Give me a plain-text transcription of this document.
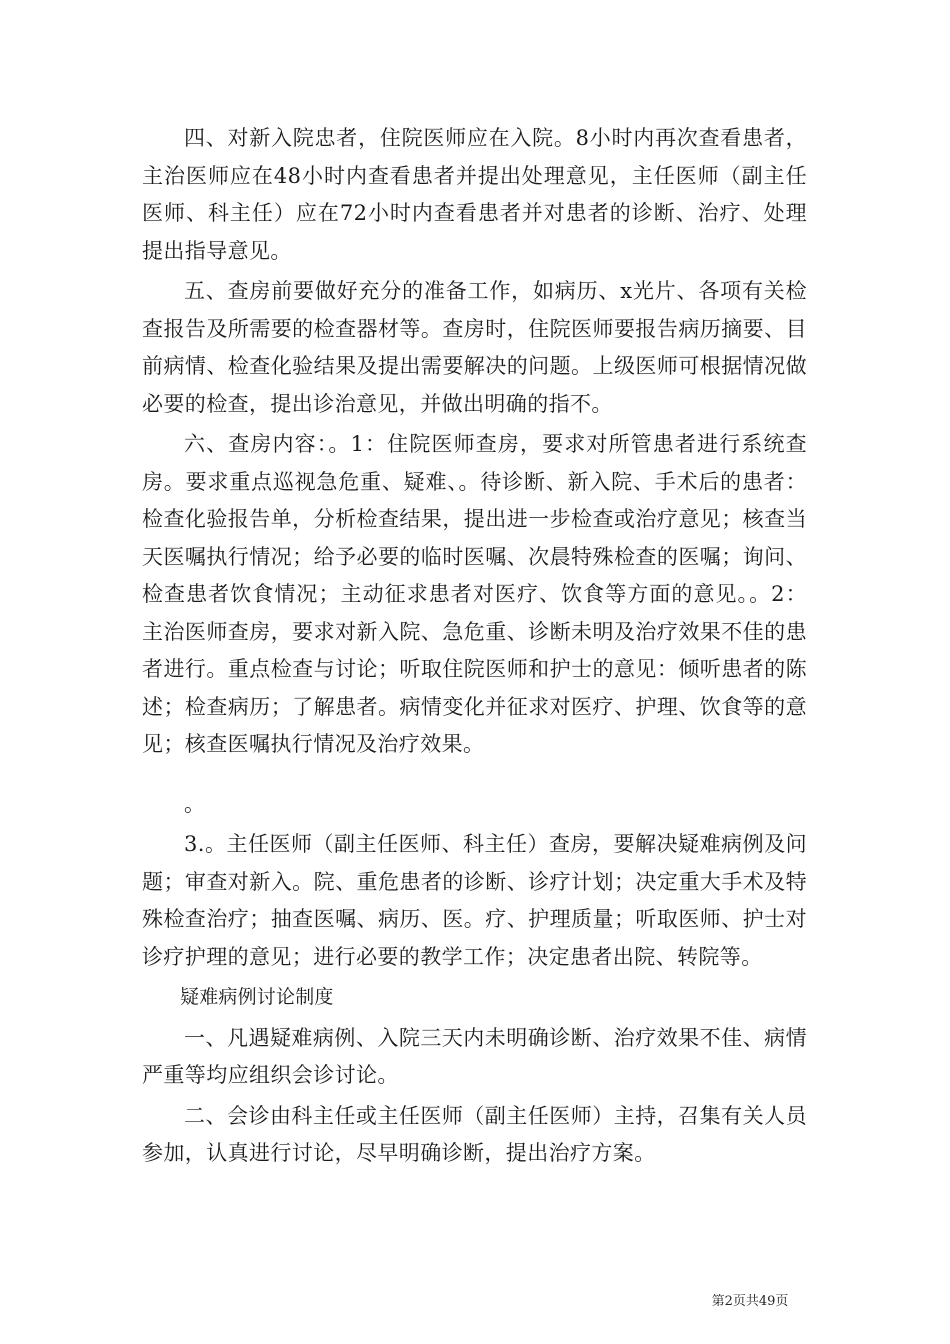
四、对新入院忠者，住院医师应在入院。8小时内再次查看患者，主治医师应在48小时内查看患者并提出处理意见，主任医师（副主任医师、科主任）应在72小时内查看患者并对患者的诊断、治疗、处理提出指导意见。

五、查房前要做好充分的准备工作，如病历、x光片、各项有关检查报告及所需要的检查器材等。查房时，住院医师要报告病历摘要、目前病情、检查化验结果及提出需要解决的问题。上级医师可根据情况做必要的检查，提出诊治意见，并做出明确的指不。

六、查房内容：。1：住院医师查房，要求对所管患者进行系统查房。要求重点巡视急危重、疑难、。待诊断、新入院、手术后的患者：检查化验报告单，分析检查结果，提出进一步检查或治疗意见；核查当天医嘱执行情况；给予必要的临时医嘱、次晨特殊检查的医嘱；询问、检查患者饮食情况；主动征求患者对医疗、饮食等方面的意见。。2：主治医师查房，要求对新入院、急危重、诊断未明及治疗效果不佳的患者进行。重点检查与讨论；听取住院医师和护士的意见：倾听患者的陈述；检查病历；了解患者。病情变化并征求对医疗、护理、饮食等的意见；核查医嘱执行情况及治疗效果。

。

3.。主任医师（副主任医师、科主任）查房，要解决疑难病例及问题；审查对新入。院、重危患者的诊断、诊疗计划；决定重大手术及特殊检查治疗；抽查医嘱、病历、医。疗、护理质量；听取医师、护士对诊疗护理的意见；进行必要的教学工作；决定患者出院、转院等。

疑难病例讨论制度

一、凡遇疑难病例、入院三天内未明确诊断、治疗效果不佳、病情严重等均应组织会诊讨论。

二、会诊由科主任或主任医师（副主任医师）主持，召集有关人员参加，认真进行讨论，尽早明确诊断，提出治疗方案。

第2页共49页
